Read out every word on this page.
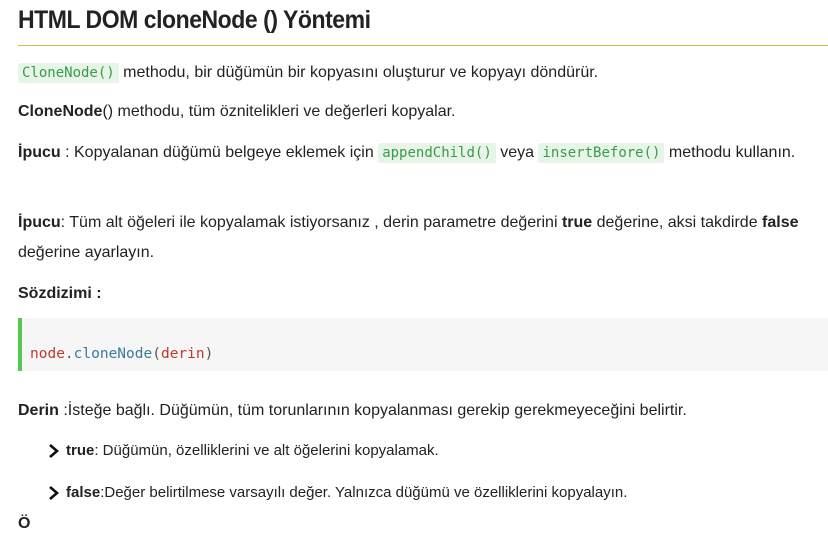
HTML DOM cloneNode () Yöntemi

CloneNode() methodu, bir düğümün bir kopyasını oluşturur ve kopyayı döndürür.

CloneNode() methodu, tüm öznitelikleri ve değerleri kopyalar.

İpucu : Kopyalanan düğümü belgeye eklemek için appendChild() veya insertBefore() methodu kullanın.

İpucu: Tüm alt öğeleri ile kopyalamak istiyorsanız , derin parametre değerini true değerine, aksi takdirde false değerine ayarlayın.

Sözdizimi :

node.cloneNode(derin)

Derin :İsteğe bağlı. Düğümün, tüm torunlarının kopyalanması gerekip gerekmeyeceğini belirtir.

true : Düğümün, özelliklerini ve alt öğelerini kopyalamak.
false :Değer belirtilmese varsayılı değer. Yalnızca düğümü ve özelliklerini kopyalayın.
Ö
